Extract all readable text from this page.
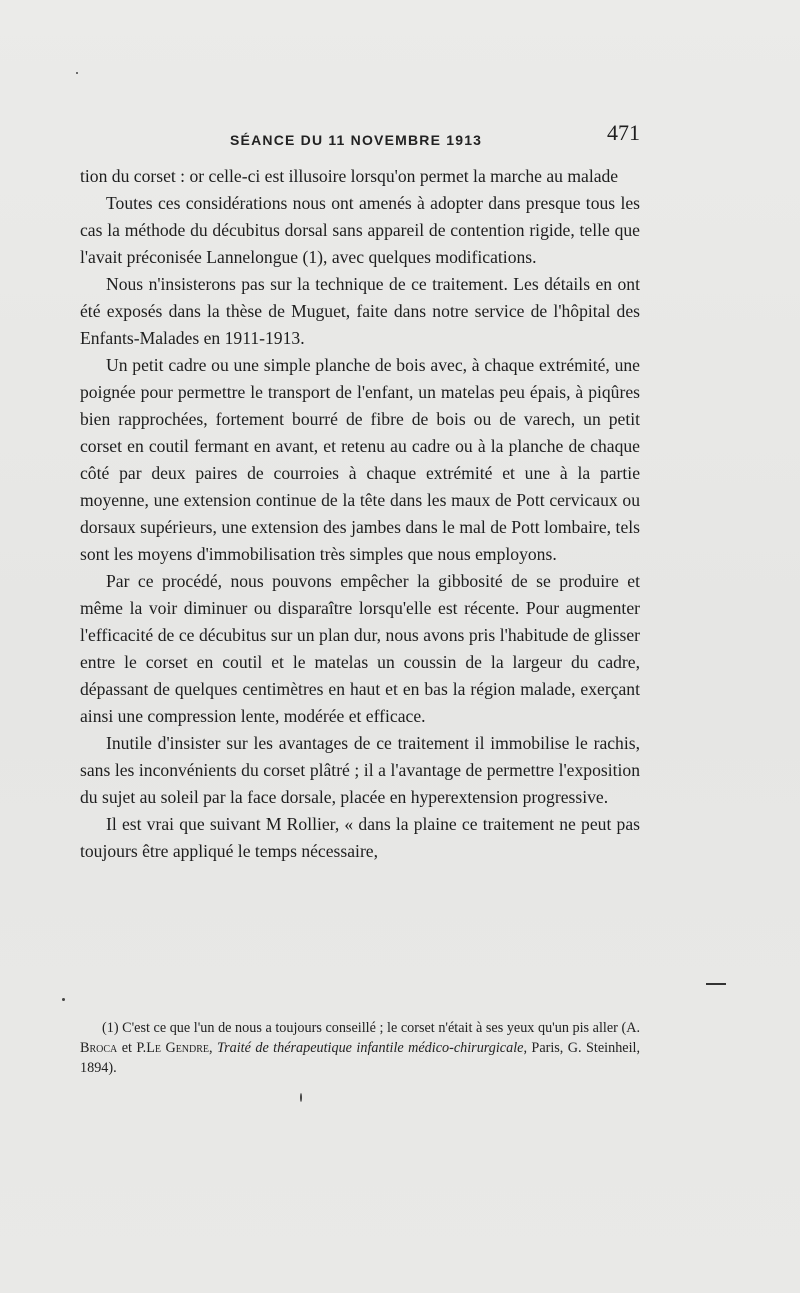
SÉANCE DU 11 NOVEMBRE 1913	471

tion du corset : or celle-ci est illusoire lorsqu'on permet la marche au malade

Toutes ces considérations nous ont amenés à adopter dans presque tous les cas la méthode du décubitus dorsal sans appareil de contention rigide, telle que l'avait préconisée Lannelongue (1), avec quelques modifications.

Nous n'insisterons pas sur la technique de ce traitement. Les détails en ont été exposés dans la thèse de Muguet, faite dans notre service de l'hôpital des Enfants-Malades en 1911-1913.

Un petit cadre ou une simple planche de bois avec, à chaque extrémité, une poignée pour permettre le transport de l'enfant, un matelas peu épais, à piqûres bien rapprochées, fortement bourré de fibre de bois ou de varech, un petit corset en coutil fermant en avant, et retenu au cadre ou à la planche de chaque côté par deux paires de courroies à chaque extrémité et une à la partie moyenne, une extension continue de la tête dans les maux de Pott cervicaux ou dorsaux supérieurs, une extension des jambes dans le mal de Pott lombaire, tels sont les moyens d'immobilisation très simples que nous employons.

Par ce procédé, nous pouvons empêcher la gibbosité de se produire et même la voir diminuer ou disparaître lorsqu'elle est récente. Pour augmenter l'efficacité de ce décubitus sur un plan dur, nous avons pris l'habitude de glisser entre le corset en coutil et le matelas un coussin de la largeur du cadre, dépassant de quelques centimètres en haut et en bas la région malade, exerçant ainsi une compression lente, modérée et efficace.

Inutile d'insister sur les avantages de ce traitement il immobilise le rachis, sans les inconvénients du corset plâtré ; il a l'avantage de permettre l'exposition du sujet au soleil par la face dorsale, placée en hyperextension progressive.

Il est vrai que suivant M Rollier, « dans la plaine ce traitement ne peut pas toujours être appliqué le temps nécessaire,

(1) C'est ce que l'un de nous a toujours conseillé ; le corset n'était à ses yeux qu'un pis aller (A. Broca et P.Le Gendre, Traité de thérapeutique infantile médico-chirurgicale, Paris, G. Steinheil, 1894).
